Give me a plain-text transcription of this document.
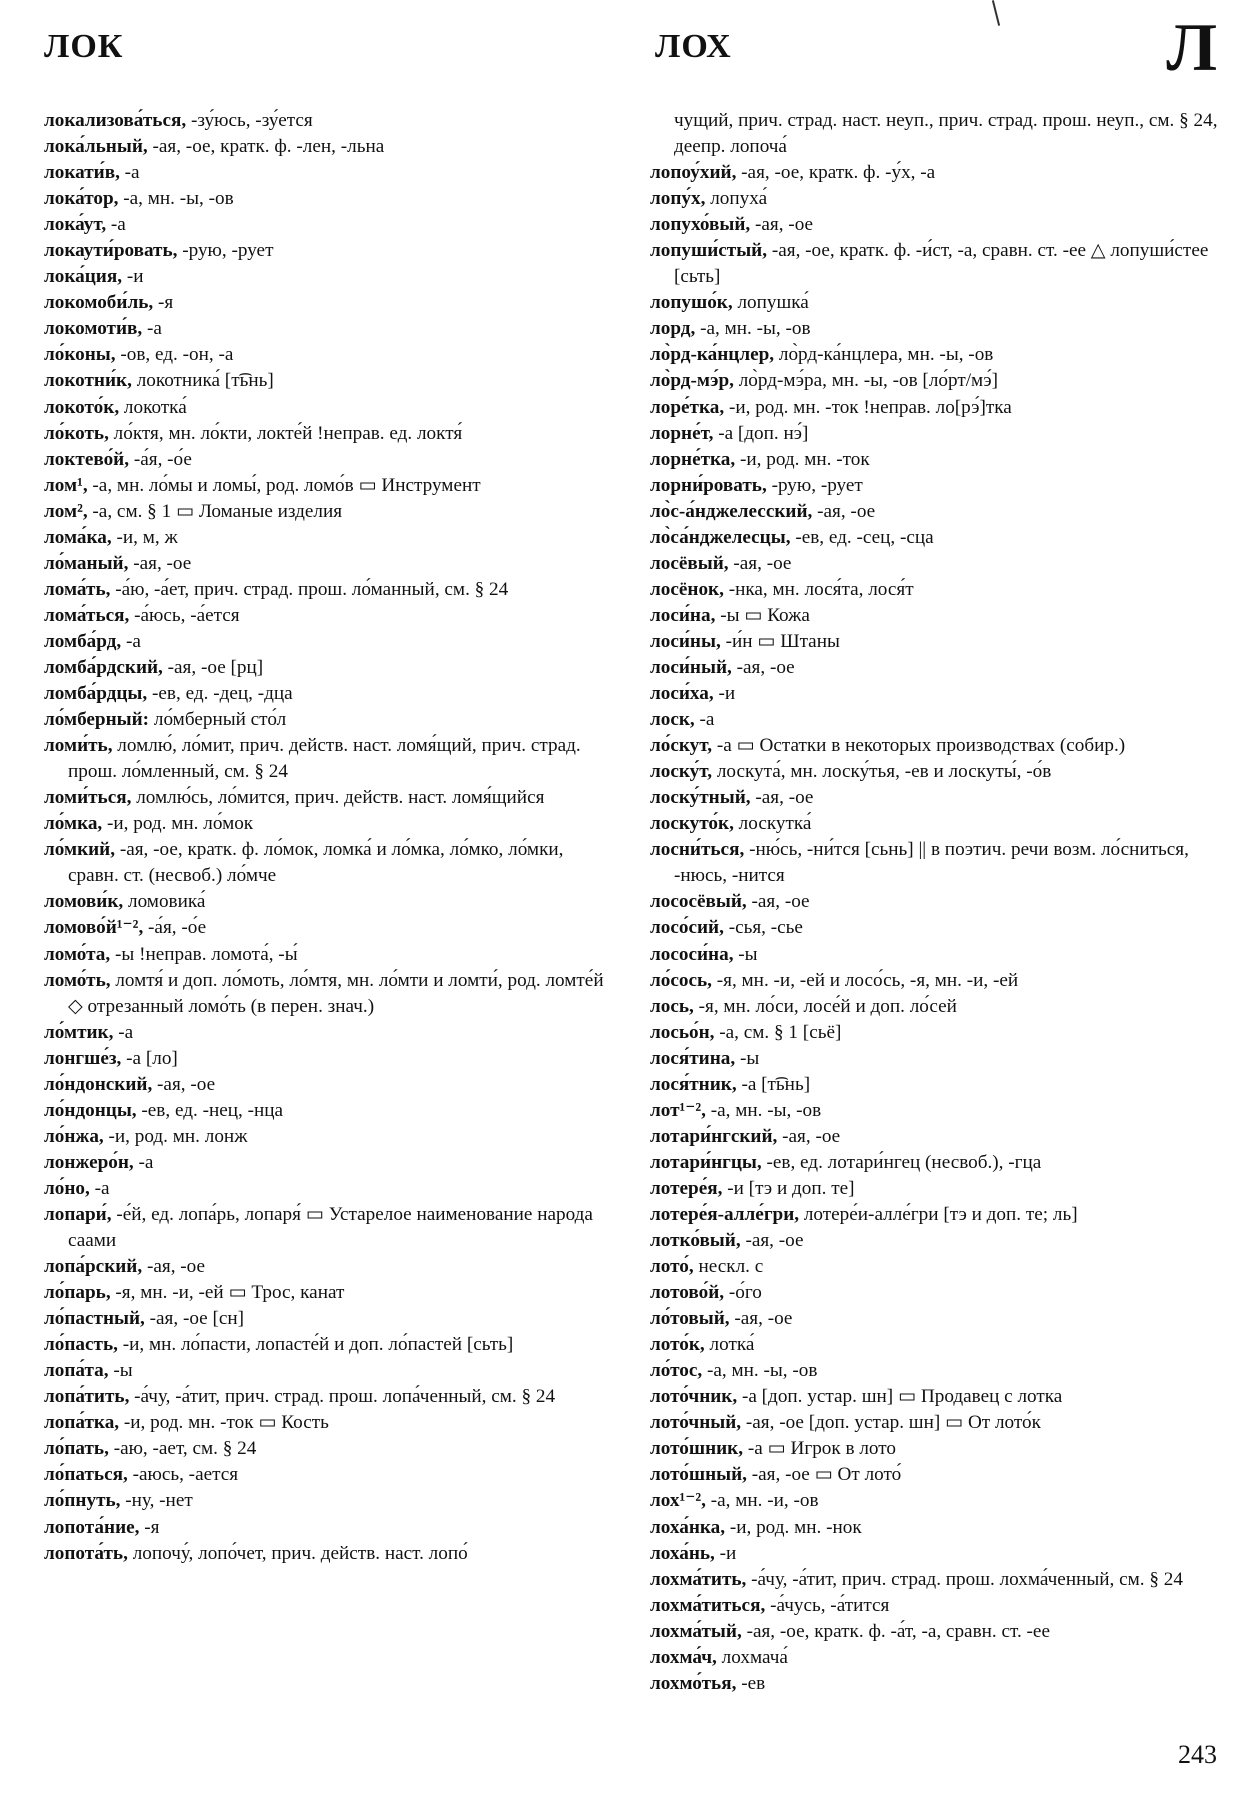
ЛОК	ЛОХ	Л

локализова́ться, -зу́юсь, -зу́ется

лока́льный, -ая, -ое, кратк. ф. -лен, -льна

локати́в, -а

лока́тор, -а, мн. -ы, -ов

лока́ут, -а

локаути́ровать, -рую, -рует

лока́ция, -и

локомоби́ль, -я

локомоти́в, -а

ло́коны, -ов, ед. -он, -а

локотни́к, локотника́ [т͡ьнь]

локото́к, локотка́

ло́коть, ло́ктя, мн. ло́кти, локте́й !неправ. ед. локтя́

локтево́й, -а́я, -о́е

лом¹, -а, мн. ло́мы и ломы́, род. ломо́в ▭ Инструмент

лом², -а, см. § 1 ▭ Ломаные изделия

лома́ка, -и, м, ж

ло́маный, -ая, -ое

лома́ть, -а́ю, -а́ет, прич. страд. прош. ло́манный, см. § 24

лома́ться, -а́юсь, -а́ется

ломба́рд, -а

ломба́рдский, -ая, -ое [рц]

ломба́рдцы, -ев, ед. -дец, -дца

ло́мберный: ло́мберный сто́л

ломи́ть, ломлю́, ло́мит, прич. действ. наст. ломя́щий, прич. страд. прош. ло́мленный, см. § 24

ломи́ться, ломлю́сь, ло́мится, прич. действ. наст. ломя́щийся

ло́мка, -и, род. мн. ло́мок

ло́мкий, -ая, -ое, кратк. ф. ло́мок, ломка́ и ло́мка, ло́мко, ло́мки, сравн. ст. (несвоб.) ло́мче

ломови́к, ломовика́

ломово́й¹⁻², -а́я, -о́е

ломо́та, -ы !неправ. ломота́, -ы́

ломо́ть, ломтя́ и доп. ло́моть, ло́мтя, мн. ло́мти и ломти́, род. ломте́й ◇ отрезанный ломо́ть (в перен. знач.)

ло́мтик, -а

лонгше́з, -а [ло]

ло́ндонский, -ая, -ое

ло́ндонцы, -ев, ед. -нец, -нца

ло́нжа, -и, род. мн. лонж

лонжеро́н, -а

ло́но, -а

лопари́, -е́й, ед. лопа́рь, лопаря́ ▭ Устарелое наименование народа саами

лопа́рский, -ая, -ое

ло́парь, -я, мн. -и, -ей ▭ Трос, канат

ло́пастный, -ая, -ое [сн]

ло́пасть, -и, мн. ло́пасти, лопасте́й и доп. ло́пастей [сьть]

лопа́та, -ы

лопа́тить, -а́чу, -а́тит, прич. страд. прош. лопа́ченный, см. § 24

лопа́тка, -и, род. мн. -ток ▭ Кость

ло́пать, -аю, -ает, см. § 24

ло́паться, -аюсь, -ается

ло́пнуть, -ну, -нет

лопота́ние, -я

лопота́ть, лопочу́, лопо́чет, прич. действ. наст. лопо́

чущий, прич. страд. наст. неуп., прич. страд. прош. неуп., см. § 24, деепр. лопоча́

лопоу́хий, -ая, -ое, кратк. ф. -у́х, -а

лопу́х, лопуха́

лопухо́вый, -ая, -ое

лопуши́стый, -ая, -ое, кратк. ф. -и́ст, -а, сравн. ст. -ее △ лопуши́стее [сьть]

лопушо́к, лопушка́

лорд, -а, мн. -ы, -ов

ло̀рд-ка́нцлер, ло̀рд-ка́нцлера, мн. -ы, -ов

ло̀рд-мэ́р, ло̀рд-мэ́ра, мн. -ы, -ов [ло́рт/мэ́]

лоре́тка, -и, род. мн. -ток !неправ. ло[рэ́]тка

лорне́т, -а [доп. нэ́]

лорне́тка, -и, род. мн. -ток

лорни́ровать, -рую, -рует

ло̀с-а́нджелесский, -ая, -ое

ло̀са́нджелесцы, -ев, ед. -сец, -сца

лосёвый, -ая, -ое

лосёнок, -нка, мн. лося́та, лося́т

лоси́на, -ы ▭ Кожа

лоси́ны, -и́н ▭ Штаны

лоси́ный, -ая, -ое

лоси́ха, -и

лоск, -а

ло́скут, -а ▭ Остатки в некоторых производствах (собир.)

лоску́т, лоскута́, мн. лоску́тья, -ев и лоскуты́, -о́в

лоску́тный, -ая, -ое

лоскуто́к, лоскутка́

лосни́ться, -ню́сь, -ни́тся [сьнь] || в поэтич. речи возм. ло́сниться, -нюсь, -нится

лососёвый, -ая, -ое

лосо́сий, -сья, -сье

лососи́на, -ы

ло́сось, -я, мн. -и, -ей и лосо́сь, -я, мн. -и, -ей

лось, -я, мн. ло́си, лосе́й и доп. ло́сей

лосьо́н, -а, см. § 1 [сьё]

лося́тина, -ы

лося́тник, -а [т͡ьнь]

лот¹⁻², -а, мн. -ы, -ов

лотари́нгский, -ая, -ое

лотари́нгцы, -ев, ед. лотари́нгец (несвоб.), -гца

лотере́я, -и [тэ и доп. те]

лотере́я-алле́гри, лотере́и-алле́гри [тэ и доп. те; ль]

лотко́вый, -ая, -ое

лото́, нескл. с

лотово́й, -о́го

ло́товый, -ая, -ое

лото́к, лотка́

ло́тос, -а, мн. -ы, -ов

лото́чник, -а [доп. устар. шн] ▭ Продавец с лотка

лото́чный, -ая, -ое [доп. устар. шн] ▭ От лото́к

лото́шник, -а ▭ Игрок в лото

лото́шный, -ая, -ое ▭ От лото́

лох¹⁻², -а, мн. -и, -ов

лоха́нка, -и, род. мн. -нок

лоха́нь, -и

лохма́тить, -а́чу, -а́тит, прич. страд. прош. лохма́ченный, см. § 24

лохма́титься, -а́чусь, -а́тится

лохма́тый, -ая, -ое, кратк. ф. -а́т, -а, сравн. ст. -ее

лохма́ч, лохмача́

лохмо́тья, -ев

243
